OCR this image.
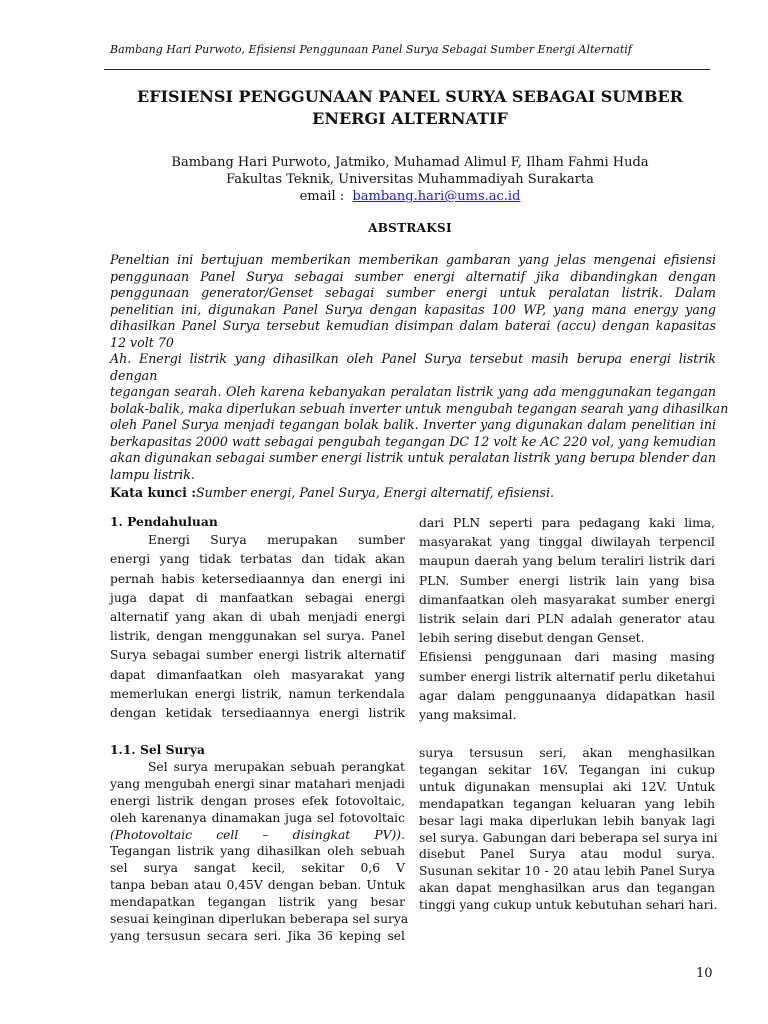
Bambang Hari Purwoto, Efisiensi Penggunaan Panel Surya Sebagai Sumber Energi Alternatif
EFISIENSI PENGGUNAAN PANEL SURYA SEBAGAI SUMBER
ENERGI ALTERNATIF
Bambang Hari Purwoto, Jatmiko, Muhamad Alimul F, Ilham Fahmi Huda
Fakultas Teknik, Universitas Muhammadiyah Surakarta
email :  bambang.hari@ums.ac.id
ABSTRAKSI
Peneltian ini bertujuan memberikan memberikan gambaran yang jelas mengenai efisiensi
penggunaan Panel Surya sebagai sumber energi alternatif jika dibandingkan dengan
penggunaan generator/Genset sebagai sumber energi untuk peralatan listrik. Dalam
penelitian ini, digunakan Panel Surya dengan kapasitas 100 WP, yang mana energy yang
dihasilkan Panel Surya tersebut kemudian disimpan dalam baterai (accu) dengan kapasitas
12 volt 70
Ah. Energi listrik yang dihasilkan oleh Panel Surya tersebut masih berupa energi listrik
dengan
tegangan searah. Oleh karena kebanyakan peralatan listrik yang ada menggunakan tegangan
bolak-balik, maka diperlukan sebuah inverter untuk mengubah tegangan searah yang dihasilkan
oleh Panel Surya menjadi tegangan bolak balik. Inverter yang digunakan dalam penelitian ini
berkapasitas 2000 watt sebagai pengubah tegangan DC 12 volt ke AC 220 vol, yang kemudian
akan digunakan sebagai sumber energi listrik untuk peralatan listrik yang berupa blender dan
lampu listrik.
Kata kunci :Sumber energi, Panel Surya, Energi alternatif, efisiensi.
1. Pendahuluan
Energi Surya merupakan sumber
energi yang tidak terbatas dan tidak akan
pernah habis ketersediaannya dan energi ini
juga dapat di manfaatkan sebagai energi
alternatif yang akan di ubah menjadi energi
listrik, dengan menggunakan sel surya. Panel
Surya sebagai sumber energi listrik alternatif
dapat dimanfaatkan oleh masyarakat yang
memerlukan energi listrik, namun terkendala
dengan ketidak tersediaannya energi listrik
dari PLN seperti para pedagang kaki lima,
masyarakat yang tinggal diwilayah terpencil
maupun daerah yang belum teraliri listrik dari
PLN. Sumber energi listrik lain yang bisa
dimanfaatkan oleh masyarakat sumber energi
listrik selain dari PLN adalah generator atau
lebih sering disebut dengan Genset.
Efisiensi penggunaan dari masing masing
sumber energi listrik alternatif perlu diketahui
agar dalam penggunaanya didapatkan hasil
yang maksimal.
1.1. Sel Surya
Sel surya merupakan sebuah perangkat
yang mengubah energi sinar matahari menjadi
energi listrik dengan proses efek fotovoltaic,
oleh karenanya dinamakan juga sel fotovoltaic
(Photovoltaic cell – disingkat PV)).
Tegangan listrik yang dihasilkan oleh sebuah
sel surya sangat kecil, sekitar 0,6 V
tanpa beban atau 0,45V dengan beban. Untuk
mendapatkan tegangan listrik yang besar
sesuai keinginan diperlukan beberapa sel surya
yang tersusun secara seri. Jika 36 keping sel
surya tersusun seri, akan menghasilkan
tegangan sekitar 16V. Tegangan ini cukup
untuk digunakan mensuplai aki 12V. Untuk
mendapatkan tegangan keluaran yang lebih
besar lagi maka diperlukan lebih banyak lagi
sel surya. Gabungan dari beberapa sel surya ini
disebut Panel Surya atau modul surya.
Susunan sekitar 10 - 20 atau lebih Panel Surya
akan dapat menghasilkan arus dan tegangan
tinggi yang cukup untuk kebutuhan sehari hari.
10
